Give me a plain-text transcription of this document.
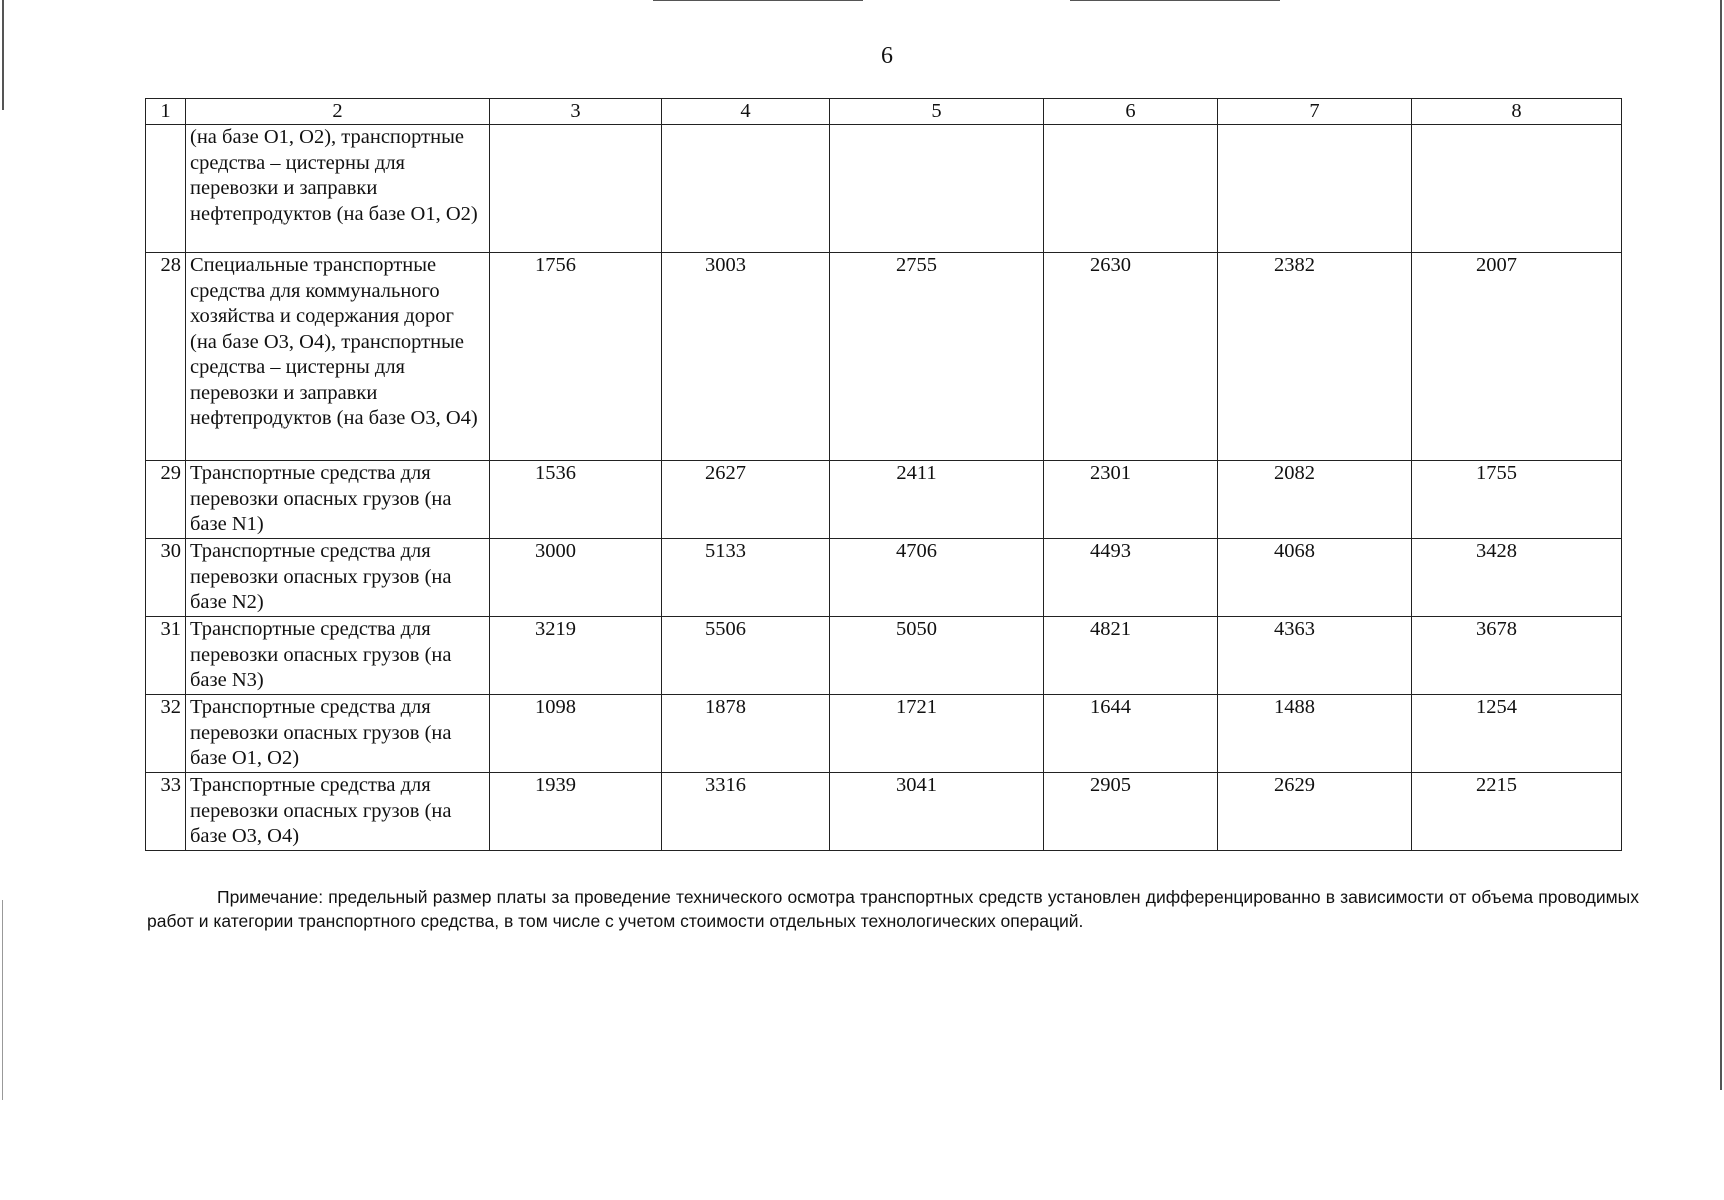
6
1	2	3	4	5	6	7	8
	(на базе О1, О2), транспортные средства – цистерны для перевозки и заправки нефтепродуктов (на базе О1, О2)						
28	Специальные транспортные средства для коммунального хозяйства и содержания дорог (на базе О3, О4), транспортные средства – цистерны для перевозки и заправки нефтепродуктов (на базе О3, О4)	1756	3003	2755	2630	2382	2007
29	Транспортные средства для перевозки опасных грузов (на базе N1)	1536	2627	2411	2301	2082	1755
30	Транспортные средства для перевозки опасных грузов (на базе N2)	3000	5133	4706	4493	4068	3428
31	Транспортные средства для перевозки опасных грузов (на базе N3)	3219	5506	5050	4821	4363	3678
32	Транспортные средства для перевозки опасных грузов (на базе О1, О2)	1098	1878	1721	1644	1488	1254
33	Транспортные средства для перевозки опасных грузов (на базе О3, О4)	1939	3316	3041	2905	2629	2215

Примечание: предельный размер платы за проведение технического осмотра транспортных средств установлен дифференцированно в зависимости от объема проводимых работ и категории транспортного средства, в том числе с учетом стоимости отдельных технологических операций.
